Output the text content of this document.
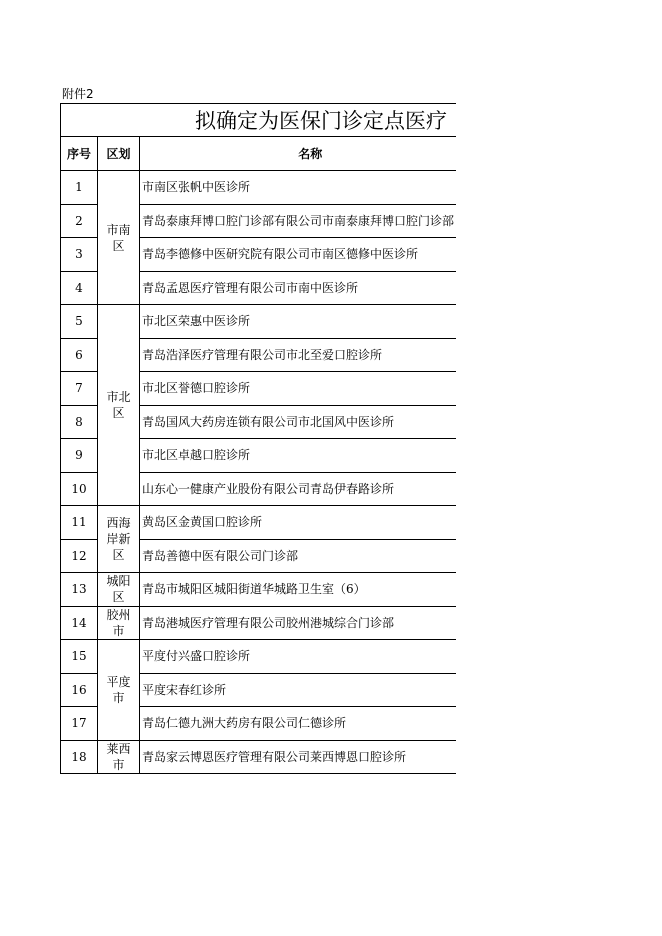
附件2
拟确定为医保门诊定点医疗		
序号	区划	名称
1	市南区	市南区张帆中医诊所
2		青岛泰康拜博口腔门诊部有限公司市南泰康拜博口腔门诊部
3		青岛李德修中医研究院有限公司市南区德修中医诊所
4		青岛孟恩医疗管理有限公司市南中医诊所
5	市北区	市北区荣惠中医诊所
6		青岛浩泽医疗管理有限公司市北至爱口腔诊所
7		市北区誉德口腔诊所
8		青岛国风大药房连锁有限公司市北国风中医诊所
9		市北区卓越口腔诊所
10		山东心一健康产业股份有限公司青岛伊春路诊所
11	西海岸新区	黄岛区金黄国口腔诊所
12		青岛善德中医有限公司门诊部
13	城阳区	青岛市城阳区城阳街道华城路卫生室（6）
14	胶州市	青岛港城医疗管理有限公司胶州港城综合门诊部
15	平度市	平度付兴盛口腔诊所
16		平度宋春红诊所
17		青岛仁德九洲大药房有限公司仁德诊所
18	莱西市	青岛家云博恩医疗管理有限公司莱西博恩口腔诊所
